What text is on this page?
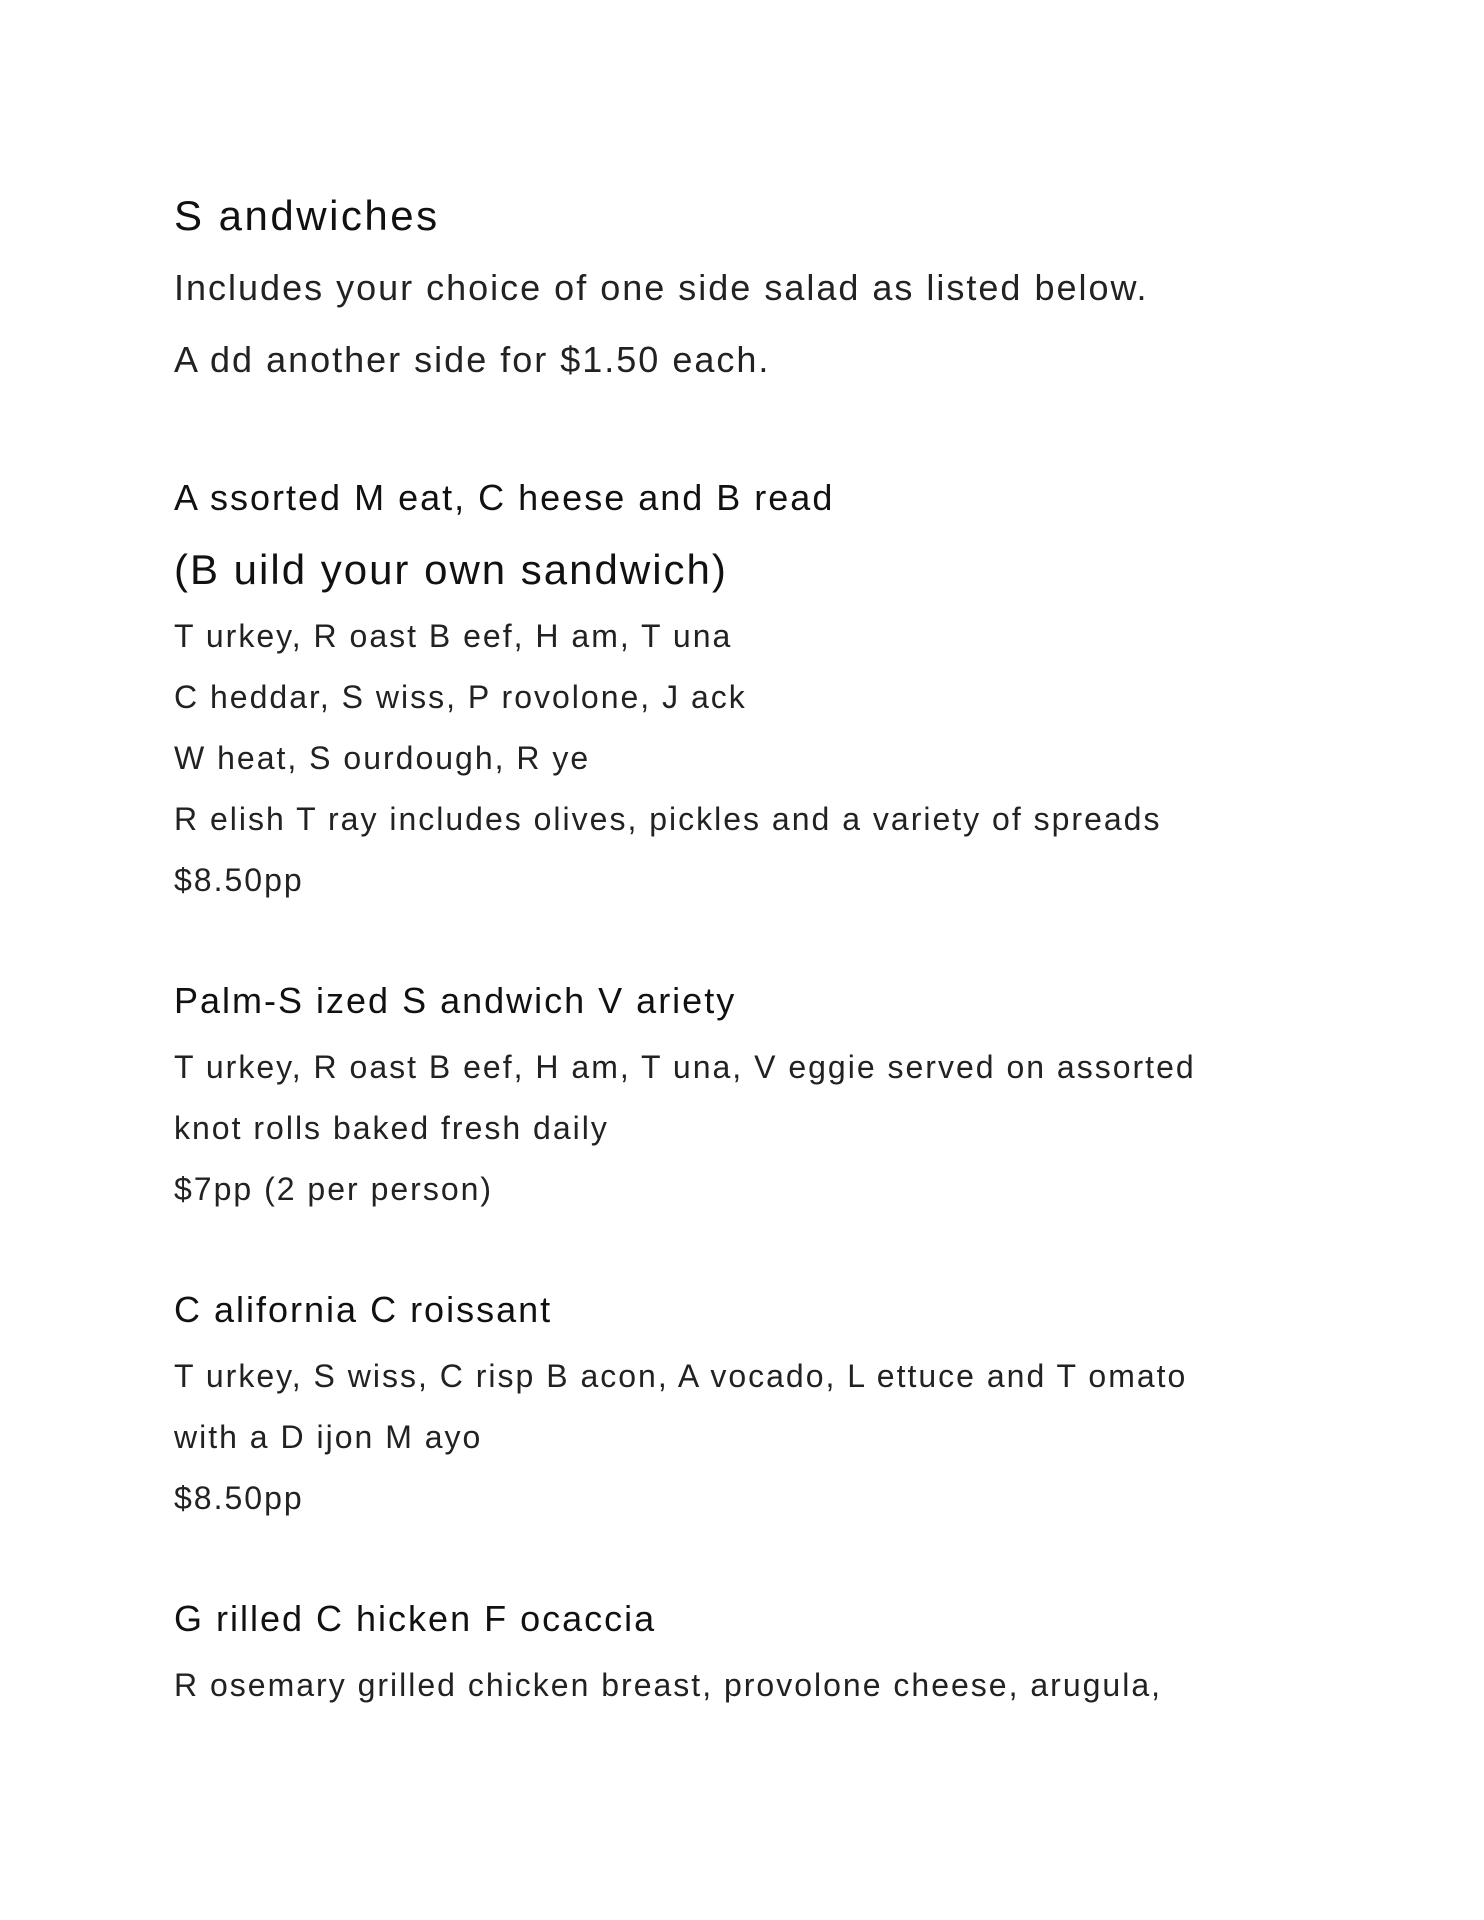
S andwiches
Includes your choice of one side salad as listed below.
A dd another side for $1.50 each.
A ssorted M eat, C heese and B read
(B uild your own sandwich)
T urkey, R oast B eef, H am, T una
C heddar, S wiss, P rovolone, J ack
W heat, S ourdough, R ye
R elish T ray includes olives, pickles and a variety of spreads
$8.50pp
Palm-S ized S andwich V ariety
T urkey, R oast B eef, H am, T una, V eggie served on assorted
knot rolls baked fresh daily
$7pp (2 per person)
C alifornia C roissant
T urkey, S wiss, C risp B acon, A vocado, L ettuce and T omato
with a D ijon M ayo
$8.50pp
G rilled C hicken F ocaccia
R osemary grilled chicken breast, provolone cheese, arugula,
